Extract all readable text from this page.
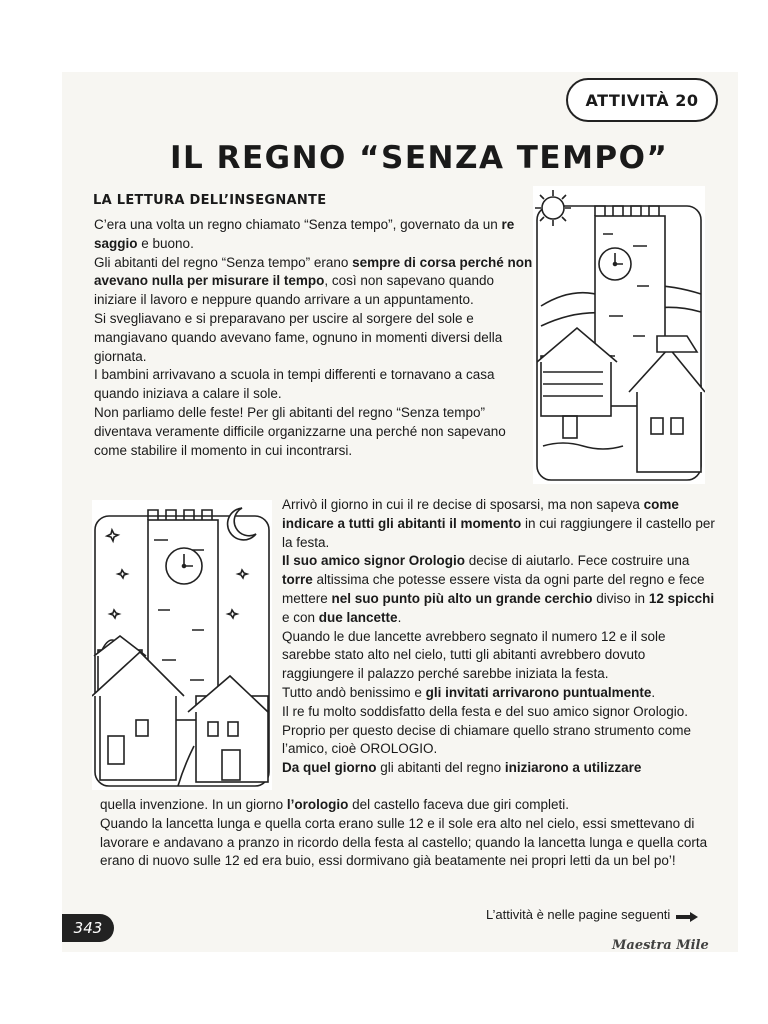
ATTIVITÀ 20
IL REGNO “SENZA TEMPO”
LA LETTURA DELL’INSEGNANTE

C’era una volta un regno chiamato “Senza tempo”, governato da un re saggio e buono.

Gli abitanti del regno “Senza tempo” erano sempre di corsa perché non avevano nulla per misurare il tempo, così non sapevano quando iniziare il lavoro e neppure quando arrivare a un appuntamento.

Si svegliavano e si preparavano per uscire al sorgere del sole e mangiavano quando avevano fame, ognuno in momenti diversi della giornata.

I bambini arrivavano a scuola in tempi differenti e tornavano a casa quando iniziava a calare il sole.

Non parliamo delle feste! Per gli abitanti del regno “Senza tempo” diventava veramente difficile organizzarne una perché non sapevano come stabilire il momento in cui incontrarsi.

Arrivò il giorno in cui il re decise di sposarsi, ma non sapeva come indicare a tutti gli abitanti il momento in cui raggiungere il castello per la festa.

Il suo amico signor Orologio decise di aiutarlo. Fece costruire una torre altissima che potesse essere vista da ogni parte del regno e fece mettere nel suo punto più alto un grande cerchio diviso in 12 spicchi e con due lancette.

Quando le due lancette avrebbero segnato il numero 12 e il sole sarebbe stato alto nel cielo, tutti gli abitanti avrebbero dovuto raggiungere il palazzo perché sarebbe iniziata la festa.

Tutto andò benissimo e gli invitati arrivarono puntualmente.

Il re fu molto soddisfatto della festa e del suo amico signor Orologio. Proprio per questo decise di chiamare quello strano strumento come l’amico, cioè OROLOGIO.

Da quel giorno gli abitanti del regno iniziarono a utilizzare

quella invenzione. In un giorno l’orologio del castello faceva due giri completi.

Quando la lancetta lunga e quella corta erano sulle 12 e il sole era alto nel cielo, essi smettevano di lavorare e andavano a pranzo in ricordo della festa al castello; quando la lancetta lunga e quella corta erano di nuovo sulle 12 ed era buio, essi dormivano già beatamente nei propri letti da un bel po’!

343
L’attività è nelle pagine seguenti
Maestra Mile
